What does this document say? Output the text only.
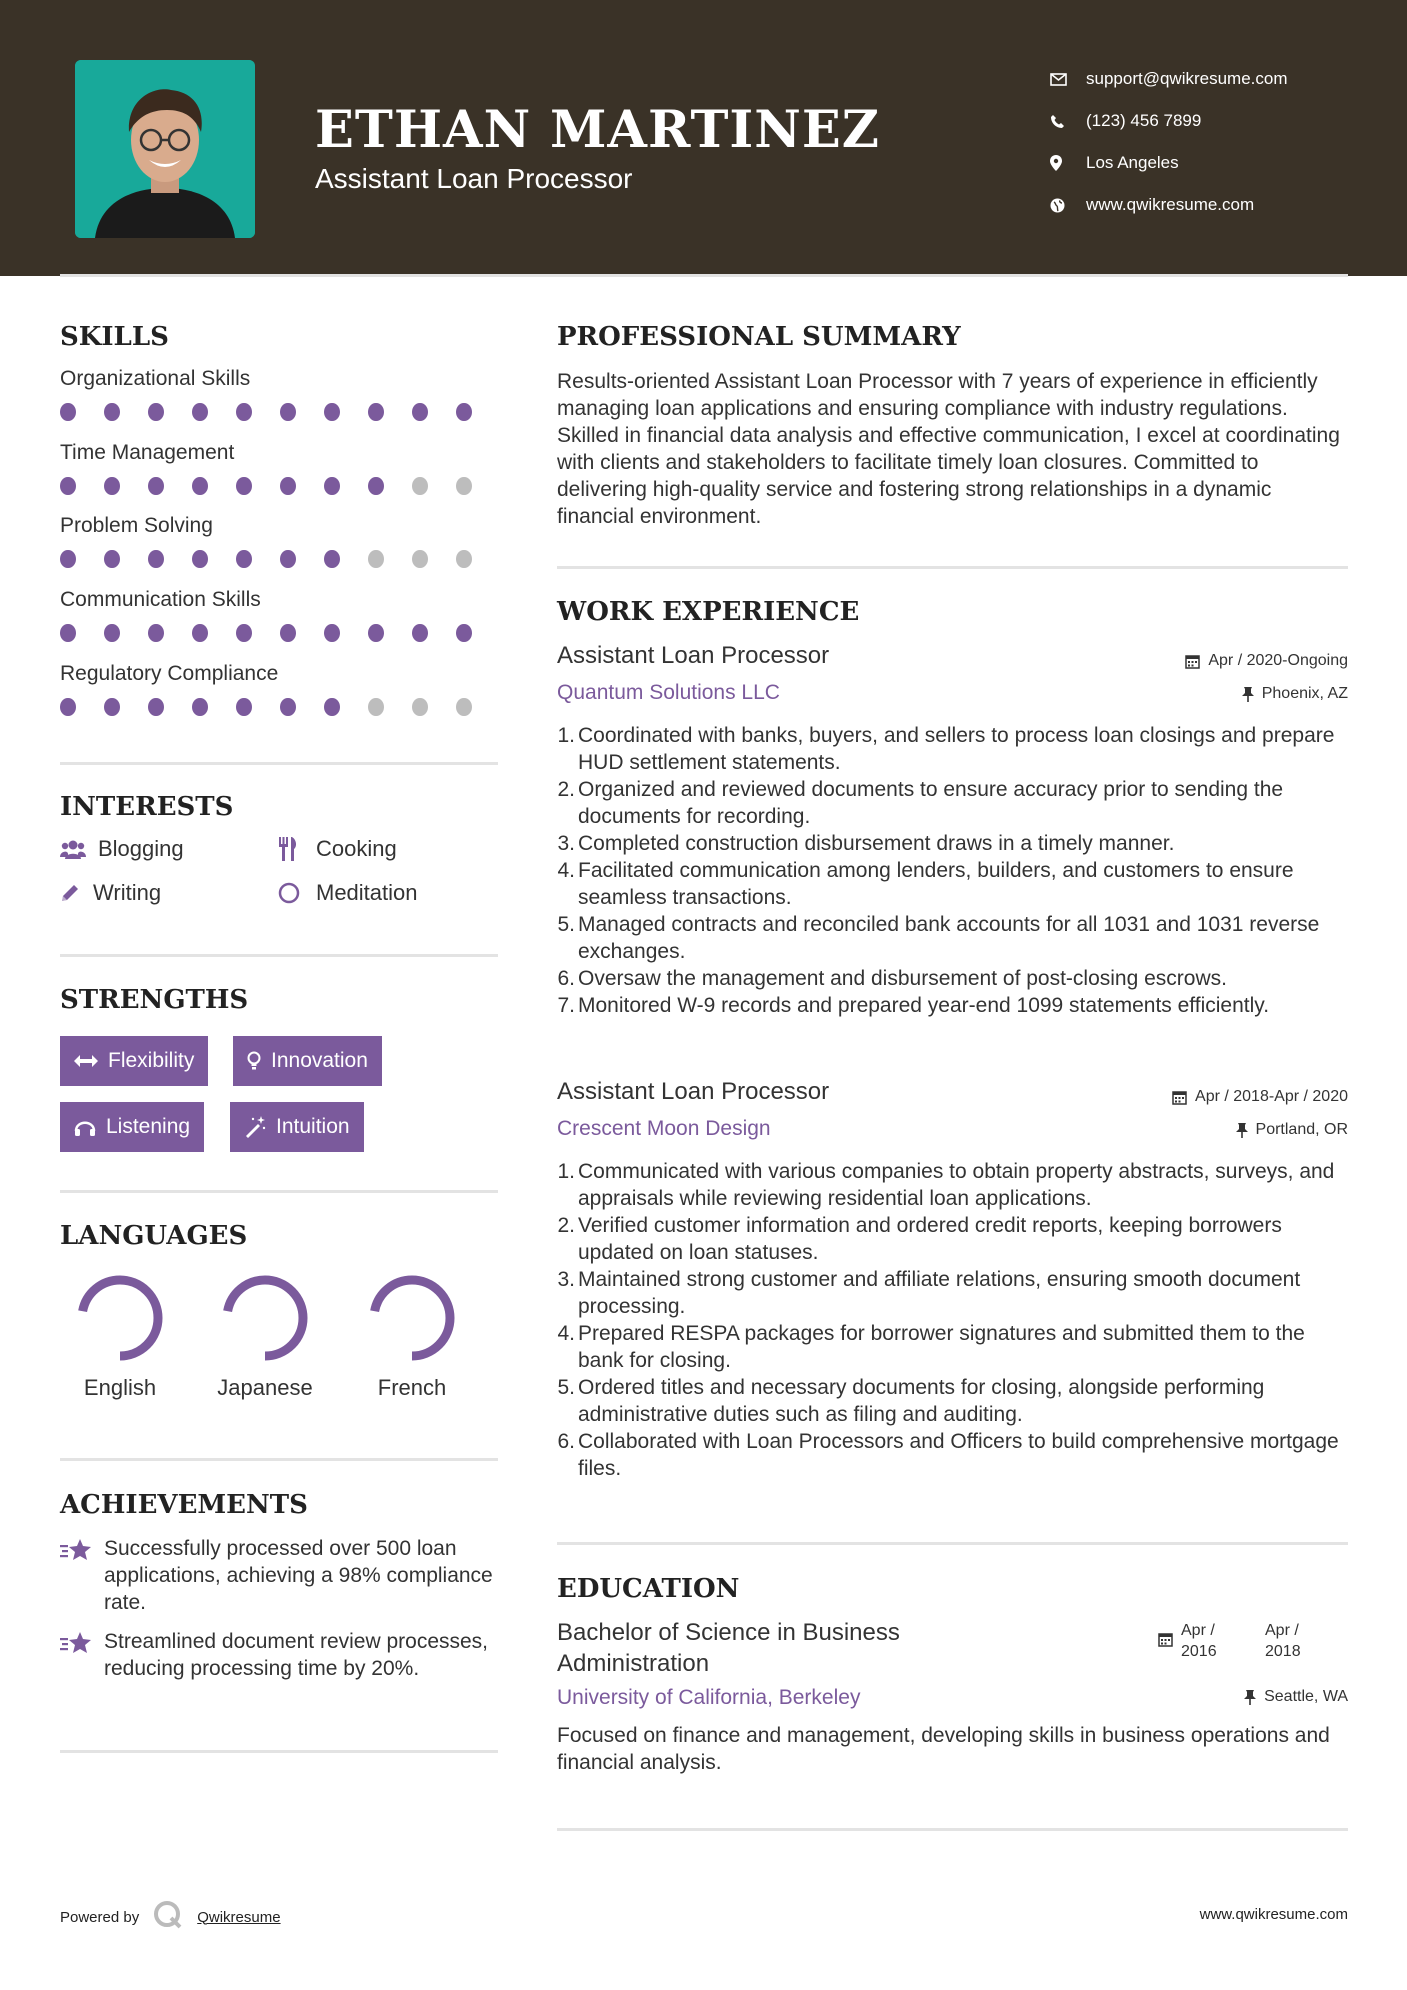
ETHAN MARTINEZ
Assistant Loan Processor
support@qwikresume.com
(123) 456 7899
Los Angeles
www.qwikresume.com
SKILLS
Organizational Skills
Time Management
Problem Solving
Communication Skills
Regulatory Compliance
INTERESTS
Blogging	Cooking
Writing	Meditation
STRENGTHS
Flexibility	Innovation
Listening	Intuition
LANGUAGES
English	Japanese	French
ACHIEVEMENTS
Successfully processed over 500 loan applications, achieving a 98% compliance rate.
Streamlined document review processes, reducing processing time by 20%.
PROFESSIONAL SUMMARY
Results-oriented Assistant Loan Processor with 7 years of experience in efficiently managing loan applications and ensuring compliance with industry regulations. Skilled in financial data analysis and effective communication, I excel at coordinating with clients and stakeholders to facilitate timely loan closures. Committed to delivering high-quality service and fostering strong relationships in a dynamic financial environment.
WORK EXPERIENCE
Assistant Loan Processor	Apr / 2020-Ongoing
Quantum Solutions LLC	Phoenix, AZ
1. Coordinated with banks, buyers, and sellers to process loan closings and prepare HUD settlement statements.
2. Organized and reviewed documents to ensure accuracy prior to sending the documents for recording.
3. Completed construction disbursement draws in a timely manner.
4. Facilitated communication among lenders, builders, and customers to ensure seamless transactions.
5. Managed contracts and reconciled bank accounts for all 1031 and 1031 reverse exchanges.
6. Oversaw the management and disbursement of post-closing escrows.
7. Monitored W-9 records and prepared year-end 1099 statements efficiently.
Assistant Loan Processor	Apr / 2018-Apr / 2020
Crescent Moon Design	Portland, OR
1. Communicated with various companies to obtain property abstracts, surveys, and appraisals while reviewing residential loan applications.
2. Verified customer information and ordered credit reports, keeping borrowers updated on loan statuses.
3. Maintained strong customer and affiliate relations, ensuring smooth document processing.
4. Prepared RESPA packages for borrower signatures and submitted them to the bank for closing.
5. Ordered titles and necessary documents for closing, alongside performing administrative duties such as filing and auditing.
6. Collaborated with Loan Processors and Officers to build comprehensive mortgage files.
EDUCATION
Bachelor of Science in Business Administration
Apr /
2016
Apr /
2018
University of California, Berkeley	Seattle, WA
Focused on finance and management, developing skills in business operations and financial analysis.
Powered by	Qwikresume	www.qwikresume.com
